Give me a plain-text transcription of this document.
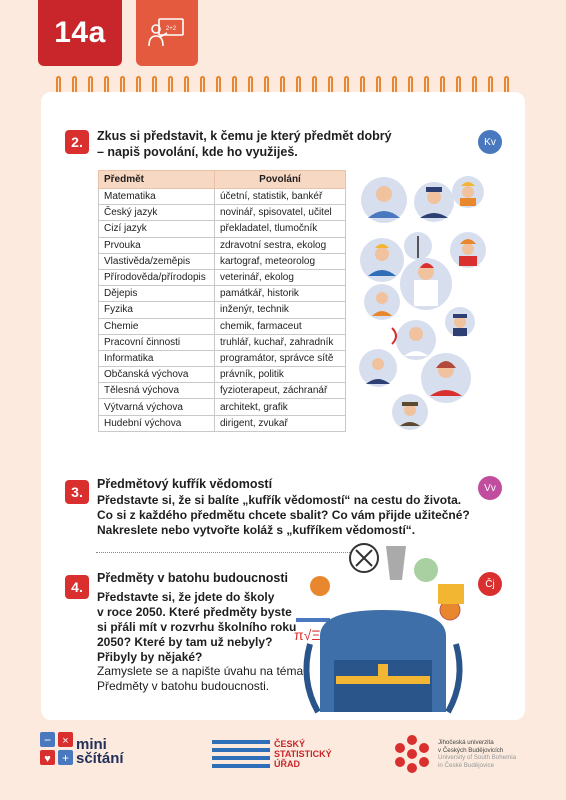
14a	2+2
2.	Zkus si představit, k čemu je který předmět dobrý
– napiš povolání, kde ho využiješ.
Kv
Předmět	Povolání
Matematika	účetní, statistik, bankéř
Český jazyk	novinář, spisovatel, učitel
Cizí jazyk	překladatel, tlumočník
Prvouka	zdravotní sestra, ekolog
Vlastivěda/zeměpis	kartograf, meteorolog
Přírodověda/přírodopis	veterinář, ekolog
Dějepis	památkář, historik
Fyzika	inženýr, technik
Chemie	chemik, farmaceut
Pracovní činnosti	truhlář, kuchař, zahradník
Informatika	programátor, správce sítě
Občanská výchova	právník, politik
Tělesná výchova	fyzioterapeut, záchranář
Výtvarná výchova	architekt, grafik
Hudební výchova	dirigent, zvukař
3.	Předmětový kufřík vědomostí	Vv
Představte si, že si balíte „kufřík vědomostí“ na cestu do života.
Co si z každého předmětu chcete sbalit? Co vám přijde užitečné?
Nakreslete nebo vytvořte koláž s „kufříkem vědomostí“.
4.
Předměty v batohu budoucnosti	Čj
Představte si, že jdete do školy
v roce 2050. Které předměty byste
si přáli mít v rozvrhu školního roku
2050? Které by tam už nebyly?
Přibyly by nějaké?
Zamyslete se a napište úvahu na téma
Předměty v batohu budoucnosti.
π√Ξ
− ×
♥ +
mini
sčítání
ČESKÝ
STATISTICKÝ
ÚŘAD
Jihočeská univerzita
v Českých Budějovicích
University of South Bohemia
in České Budějovice
